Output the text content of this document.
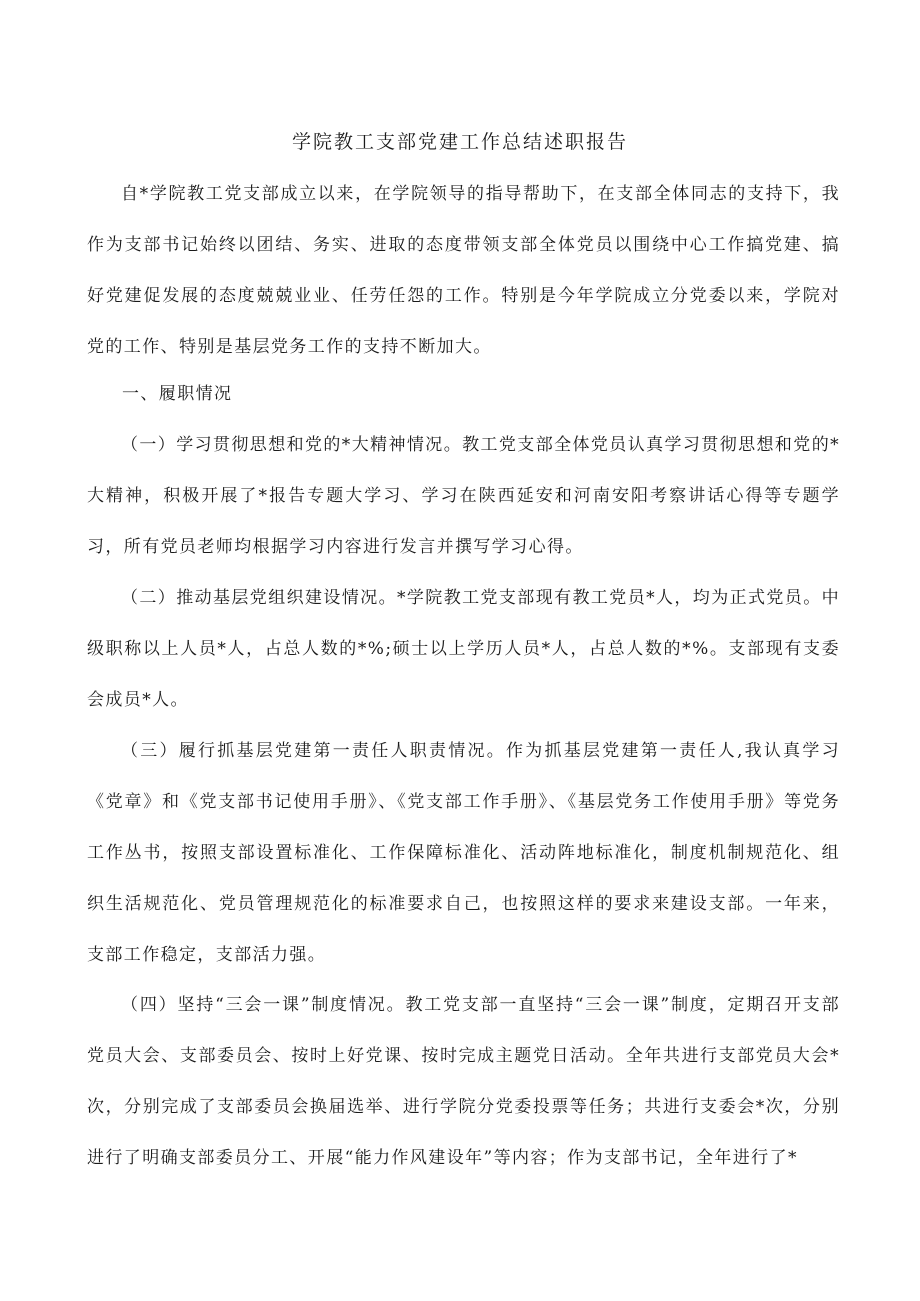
学院教工支部党建工作总结述职报告

自*学院教工党支部成立以来，在学院领导的指导帮助下，在支部全体同志的支持下，我作为支部书记始终以团结、务实、进取的态度带领支部全体党员以围绕中心工作搞党建、搞好党建促发展的态度兢兢业业、任劳任怨的工作。特别是今年学院成立分党委以来，学院对党的工作、特别是基层党务工作的支持不断加大。

一、履职情况

（一）学习贯彻思想和党的*大精神情况。教工党支部全体党员认真学习贯彻思想和党的*大精神，积极开展了*报告专题大学习、学习在陕西延安和河南安阳考察讲话心得等专题学习，所有党员老师均根据学习内容进行发言并撰写学习心得。

（二）推动基层党组织建设情况。*学院教工党支部现有教工党员*人，均为正式党员。中级职称以上人员*人，占总人数的*%;硕士以上学历人员*人，占总人数的*%。支部现有支委会成员*人。

（三）履行抓基层党建第一责任人职责情况。作为抓基层党建第一责任人,我认真学习《党章》和《党支部书记使用手册》、《党支部工作手册》、《基层党务工作使用手册》等党务工作丛书，按照支部设置标准化、工作保障标准化、活动阵地标准化，制度机制规范化、组织生活规范化、党员管理规范化的标准要求自己，也按照这样的要求来建设支部。一年来，支部工作稳定，支部活力强。

（四）坚持“三会一课”制度情况。教工党支部一直坚持“三会一课”制度，定期召开支部党员大会、支部委员会、按时上好党课、按时完成主题党日活动。全年共进行支部党员大会*次，分别完成了支部委员会换届选举、进行学院分党委投票等任务；共进行支委会*次，分别进行了明确支部委员分工、开展“能力作风建设年”等内容；作为支部书记，全年进行了*
